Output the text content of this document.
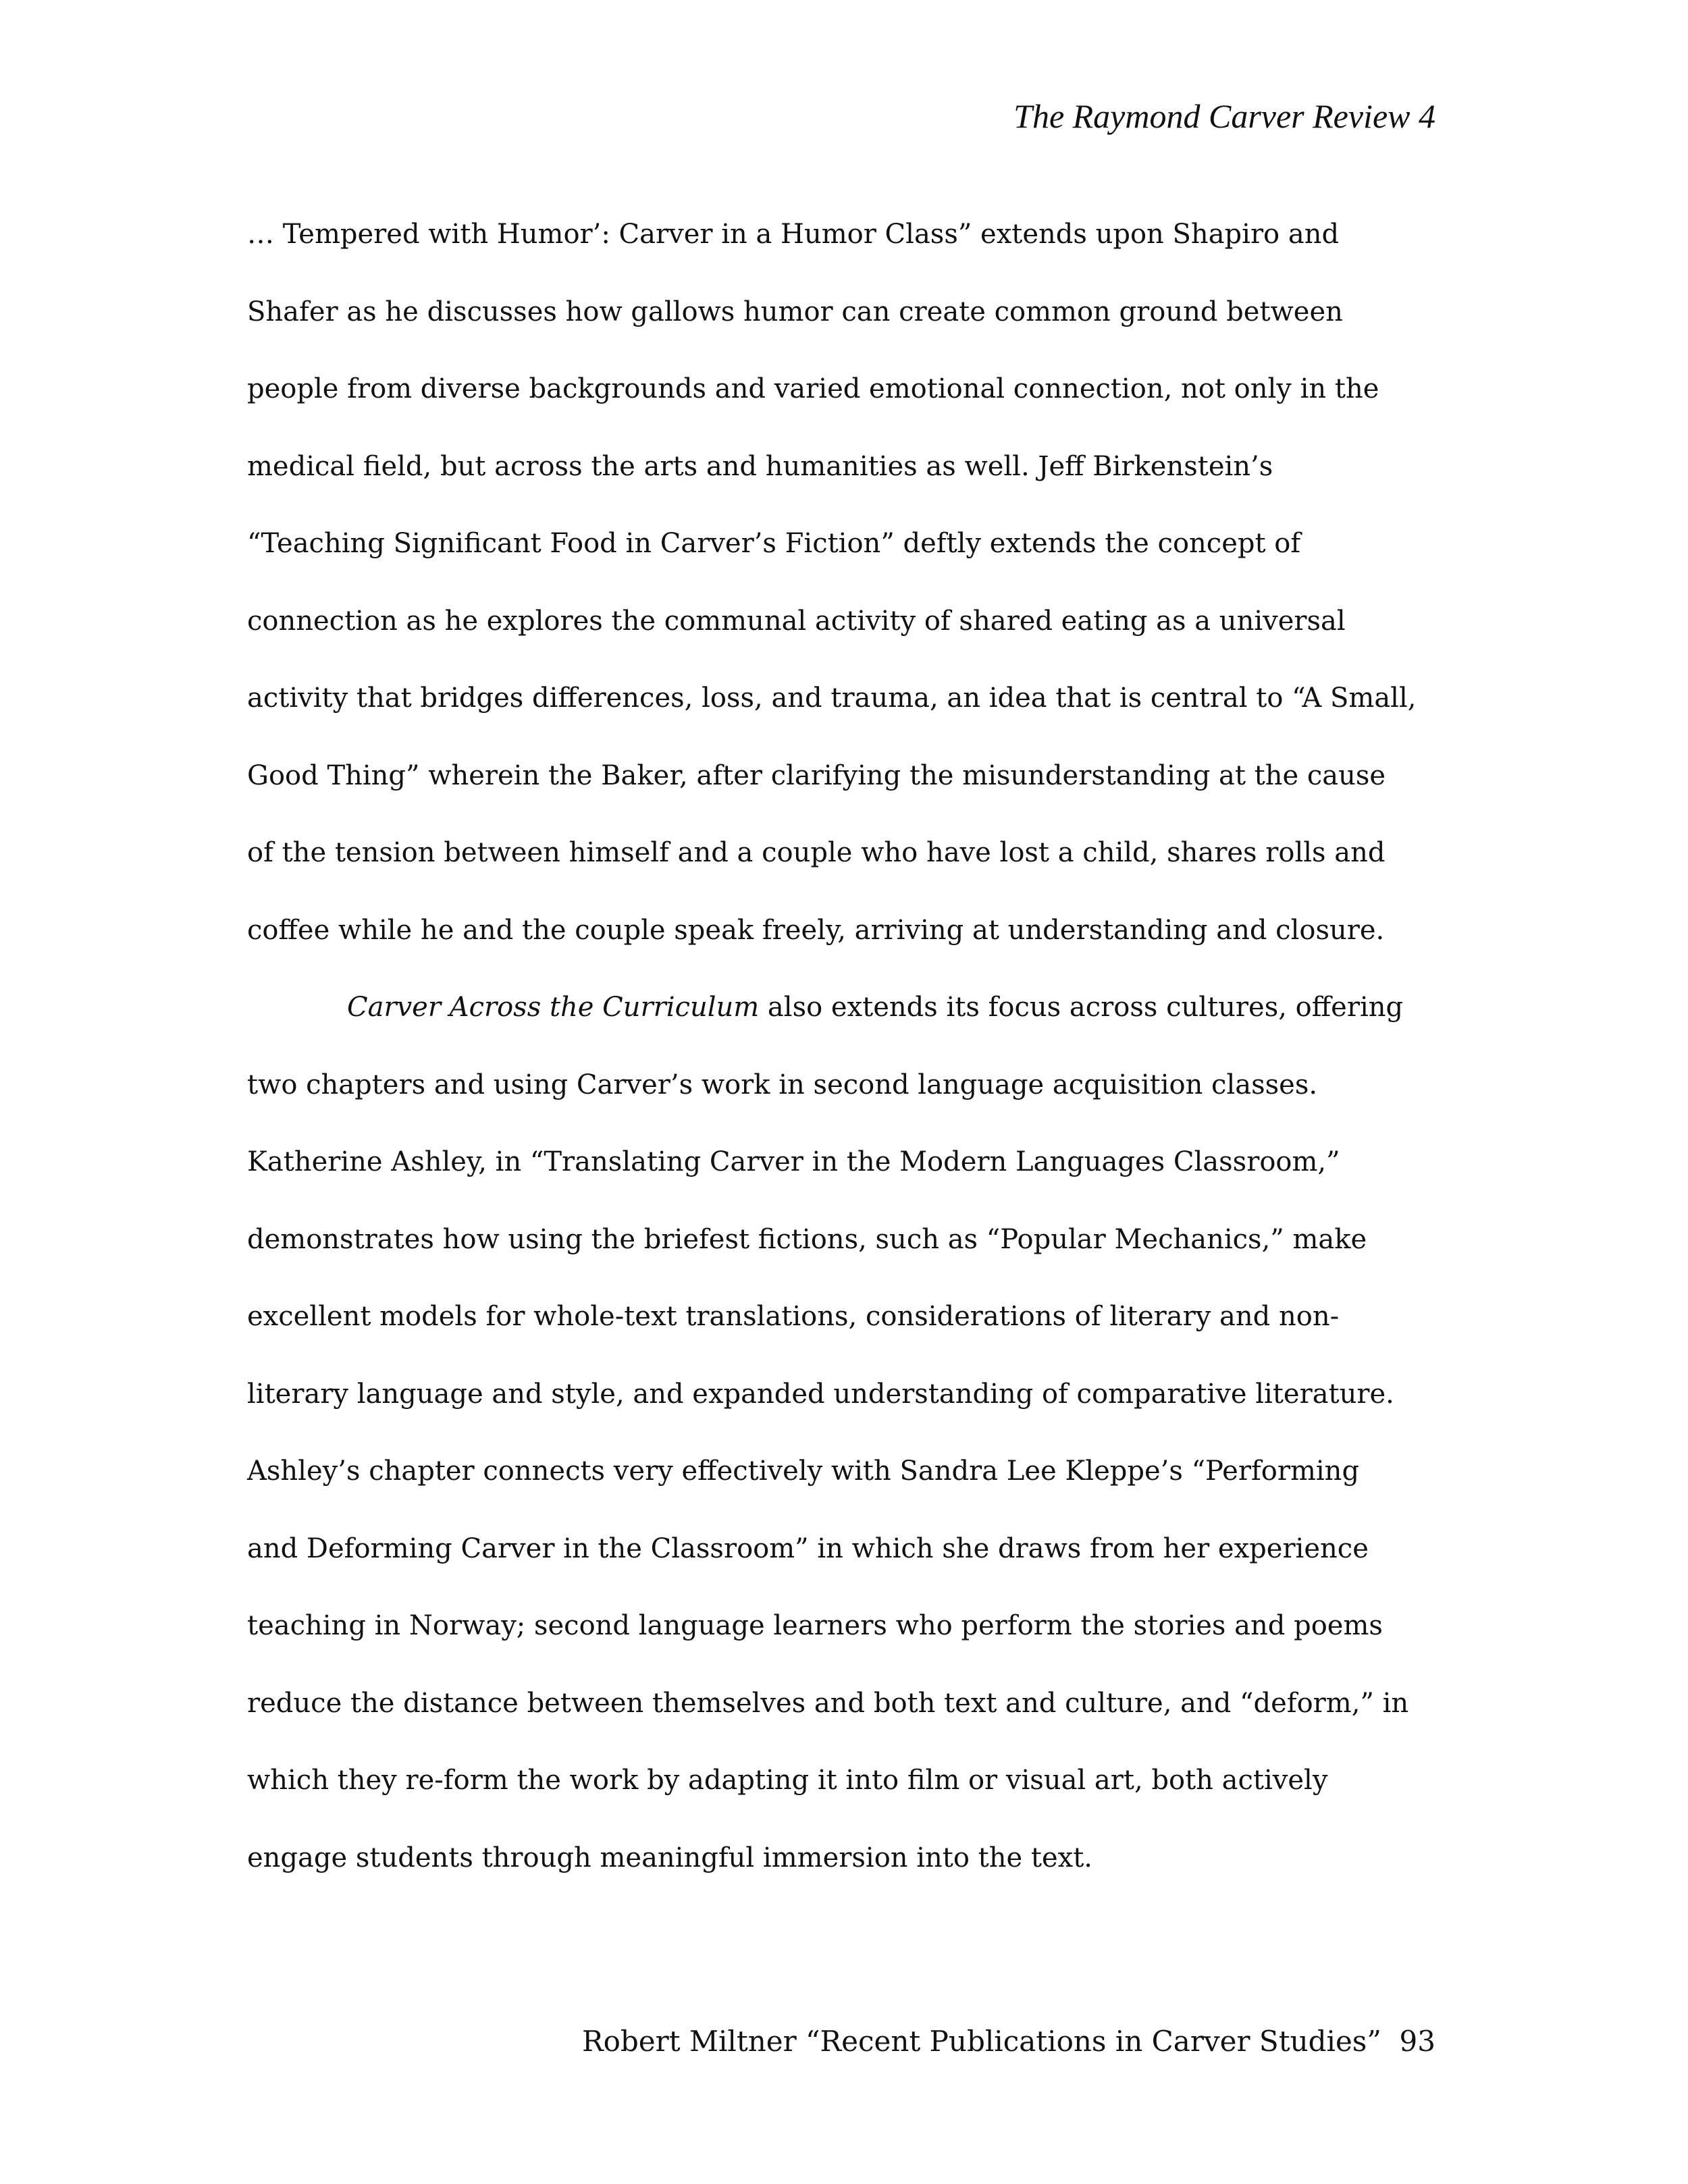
The Raymond Carver Review 4
… Tempered with Humor’: Carver in a Humor Class” extends upon Shapiro and
Shafer as he discusses how gallows humor can create common ground between
people from diverse backgrounds and varied emotional connection, not only in the
medical field, but across the arts and humanities as well. Jeff Birkenstein’s
“Teaching Significant Food in Carver’s Fiction” deftly extends the concept of
connection as he explores the communal activity of shared eating as a universal
activity that bridges differences, loss, and trauma, an idea that is central to “A Small,
Good Thing” wherein the Baker, after clarifying the misunderstanding at the cause
of the tension between himself and a couple who have lost a child, shares rolls and
coffee while he and the couple speak freely, arriving at understanding and closure.
Carver Across the Curriculum also extends its focus across cultures, offering
two chapters and using Carver’s work in second language acquisition classes.
Katherine Ashley, in “Translating Carver in the Modern Languages Classroom,”
demonstrates how using the briefest fictions, such as “Popular Mechanics,” make
excellent models for whole-text translations, considerations of literary and non-
literary language and style, and expanded understanding of comparative literature.
Ashley’s chapter connects very effectively with Sandra Lee Kleppe’s “Performing
and Deforming Carver in the Classroom” in which she draws from her experience
teaching in Norway; second language learners who perform the stories and poems
reduce the distance between themselves and both text and culture, and “deform,” in
which they re-form the work by adapting it into film or visual art, both actively
engage students through meaningful immersion into the text.
Robert Miltner “Recent Publications in Carver Studies” 93
